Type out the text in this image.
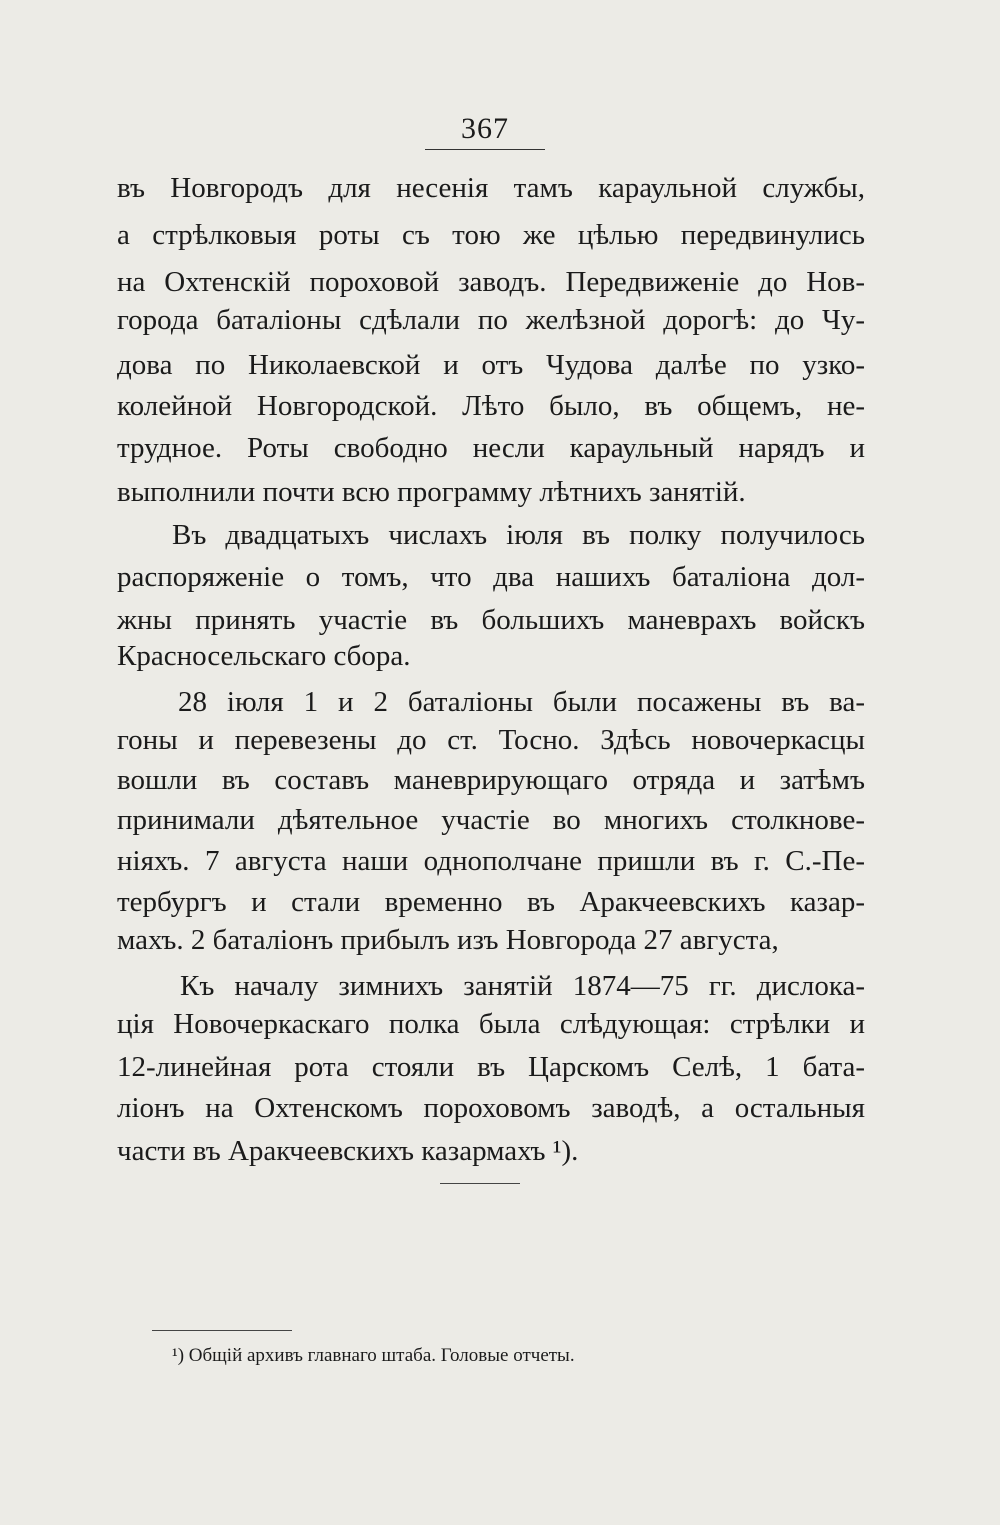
367
въ Новгородъ для несенія тамъ караульной службы,
а стрѣлковыя роты съ тою же цѣлью передвинулись
на Охтенскій пороховой заводъ. Передвиженіе до Нов-
города баталіоны сдѣлали по желѣзной дорогѣ: до Чу-
дова по Николаевской и отъ Чудова далѣе по узко-
колейной Новгородской. Лѣто было, въ общемъ, не-
трудное. Роты свободно несли караульный нарядъ и
выполнили почти всю программу лѣтнихъ занятій.
Въ двадцатыхъ числахъ іюля въ полку получилось
распоряженіе о томъ, что два нашихъ баталіона дол-
жны принять участіе въ большихъ маневрахъ войскъ
Красносельскаго сбора.
28 іюля 1 и 2 баталіоны были посажены въ ва-
гоны и перевезены до ст. Тосно. Здѣсь новочеркасцы
вошли въ составъ маневрирующаго отряда и затѣмъ
принимали дѣятельное участіе во многихъ столкнове-
ніяхъ. 7 августа наши однополчане пришли въ г. С.-Пе-
тербургъ и стали временно въ Аракчеевскихъ казар-
махъ. 2 баталіонъ прибылъ изъ Новгорода 27 августа,
Къ началу зимнихъ занятій 1874—75 гг. дислока-
ція Новочеркаскаго полка была слѣдующая: стрѣлки и
12-линейная рота стояли въ Царскомъ Селѣ, 1 бата-
ліонъ на Охтенскомъ пороховомъ заводѣ, а остальныя
части въ Аракчеевскихъ казармахъ ¹).
¹) Общій архивъ главнаго штаба. Головые отчеты.
